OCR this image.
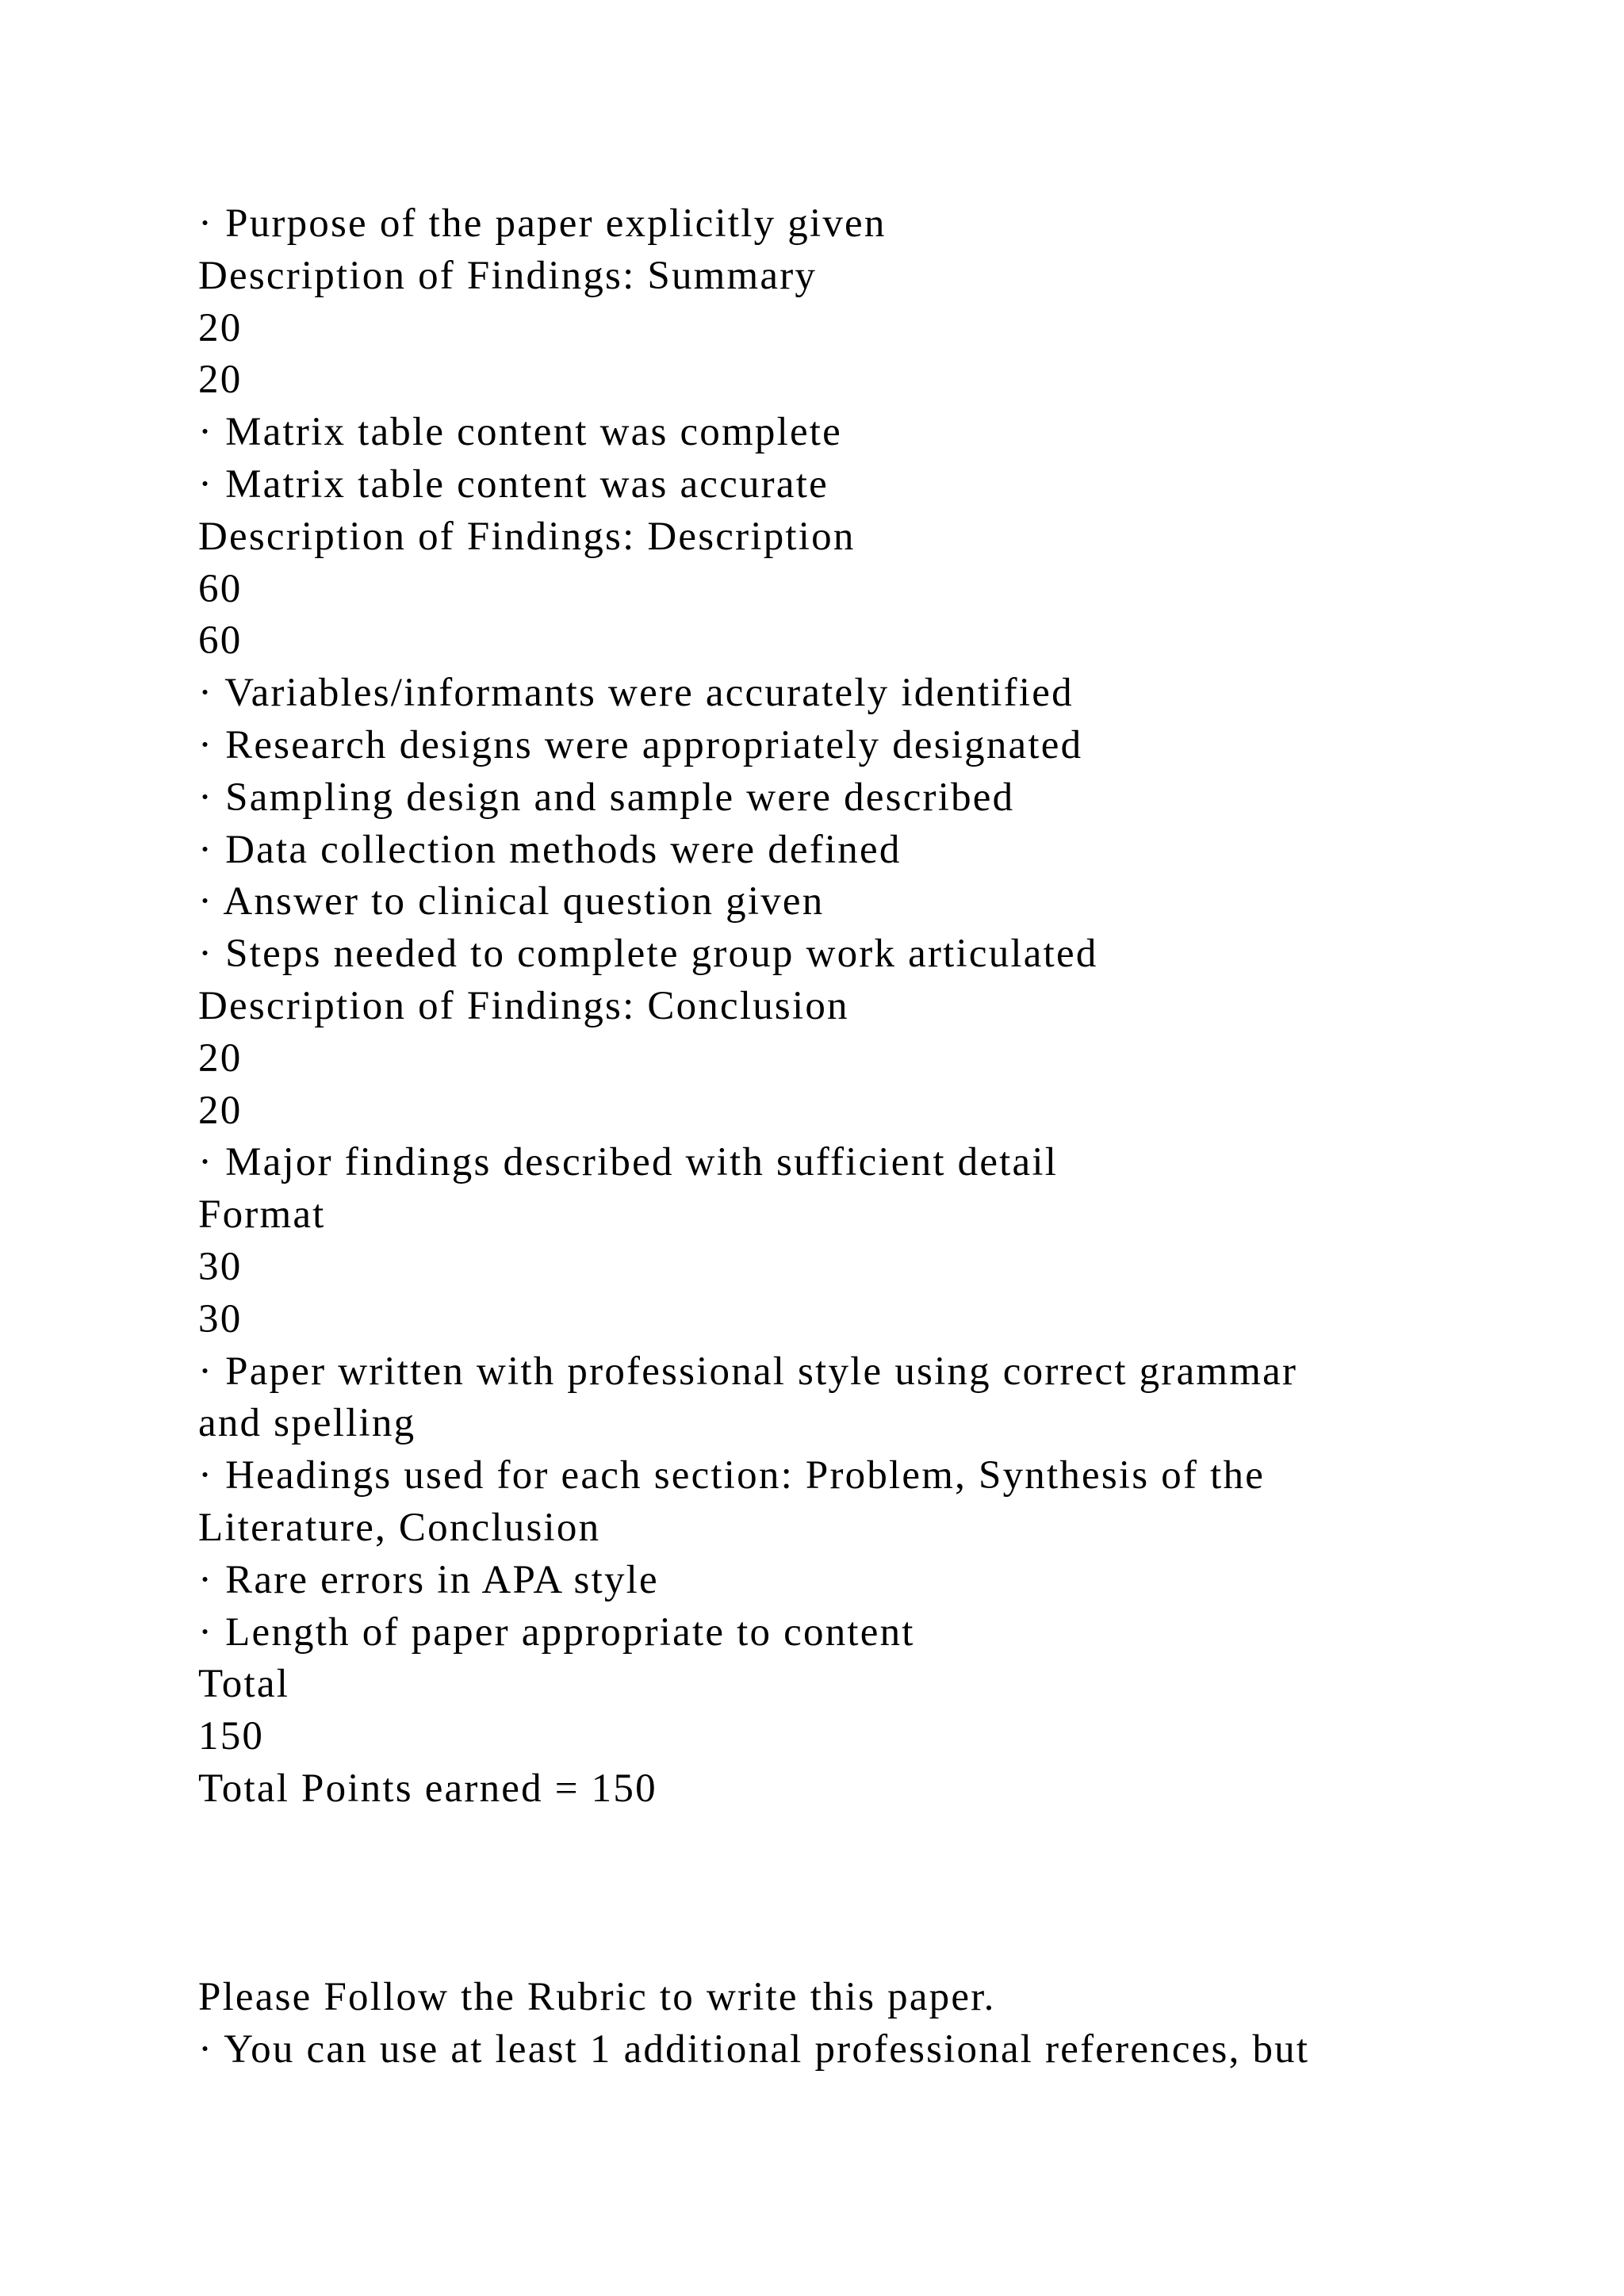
· Purpose of the paper explicitly given
Description of Findings: Summary
20
20
· Matrix table content was complete
· Matrix table content was accurate
Description of Findings: Description
60
60
· Variables/informants were accurately identified
· Research designs were appropriately designated
· Sampling design and sample were described
· Data collection methods were defined
· Answer to clinical question given
· Steps needed to complete group work articulated
Description of Findings: Conclusion
20
20
· Major findings described with sufficient detail
Format
30
30
· Paper written with professional style using correct grammar
and spelling
· Headings used for each section: Problem, Synthesis of the
Literature, Conclusion
· Rare errors in APA style
· Length of paper appropriate to content
Total
150
Total Points earned = 150
Please Follow the Rubric to write this paper.
· You can use at least 1 additional professional references, but
